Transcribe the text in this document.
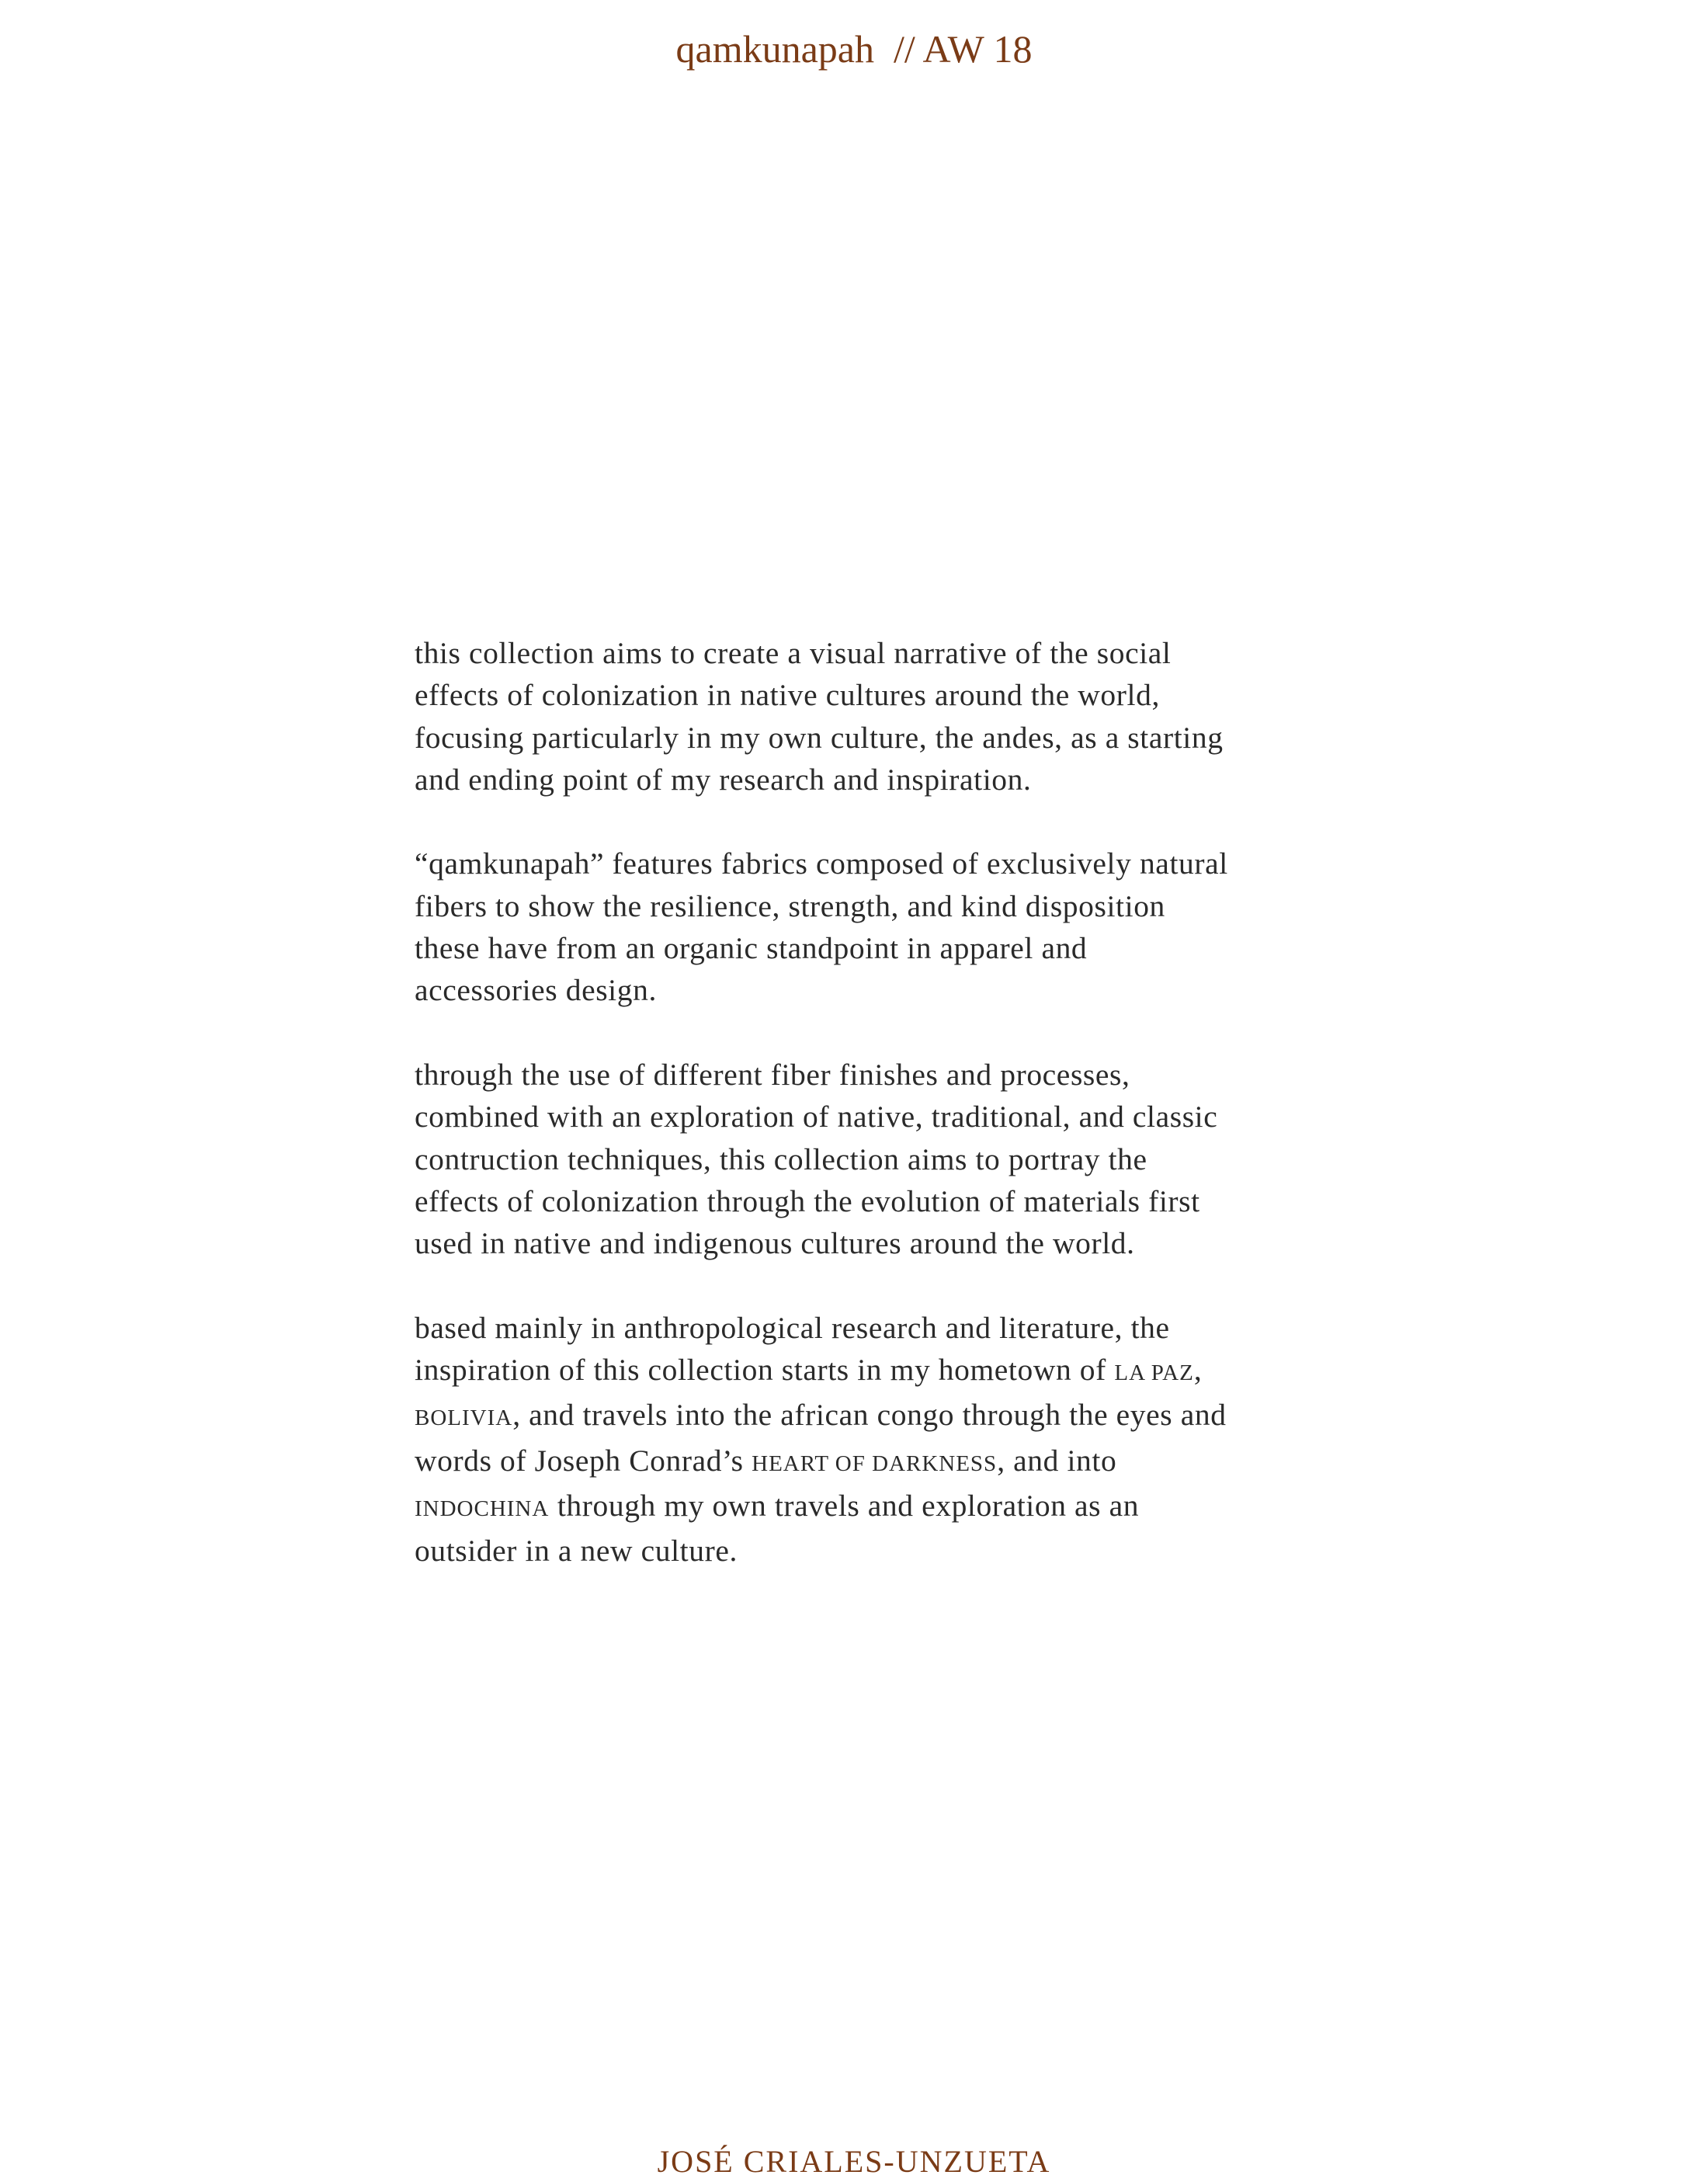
qamkunapah // AW 18

this collection aims to create a visual narrative of the social
effects of colonization in native cultures around the world,
focusing particularly in my own culture, the andes, as a starting
and ending point of my research and inspiration.

“qamkunapah” features fabrics composed of exclusively natural
fibers to show the resilience, strength, and kind disposition
these have from an organic standpoint in apparel and
accessories design.

through the use of different fiber finishes and processes,
combined with an exploration of native, traditional, and classic
contruction techniques, this collection aims to portray the
effects of colonization through the evolution of materials first
used in native and indigenous cultures around the world.

based mainly in anthropological research and literature, the
inspiration of this collection starts in my hometown of LA PAZ,
BOLIVIA, and travels into the african congo through the eyes and
words of Joseph Conrad’s HEART OF DARKNESS, and into
INDOCHINA through my own travels and exploration as an
outsider in a new culture.

JOSÉ CRIALES-UNZUETA
